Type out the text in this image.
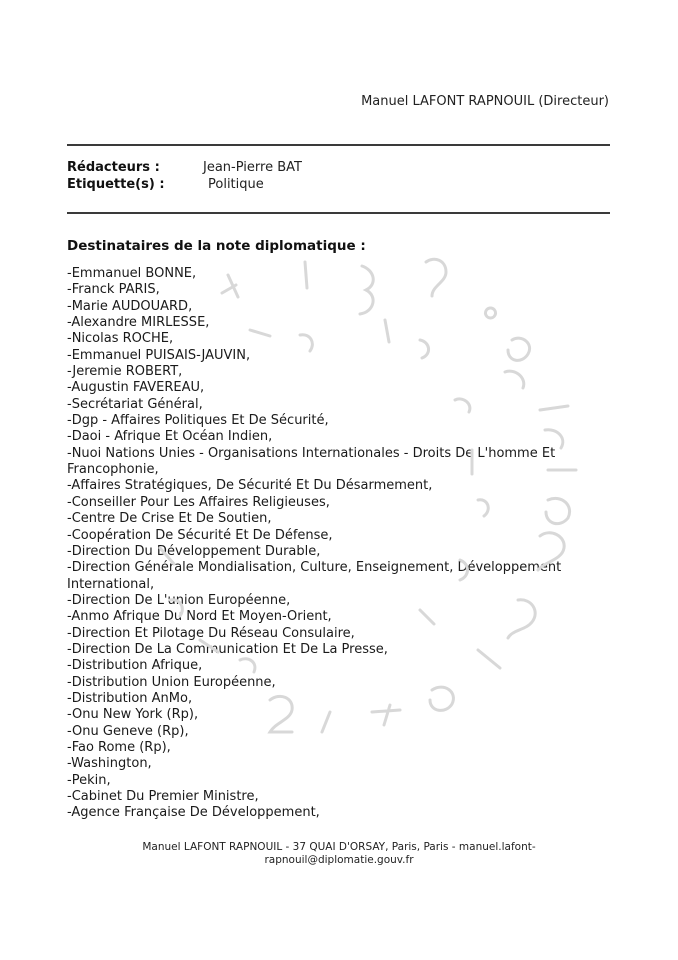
Manuel LAFONT RAPNOUIL (Directeur)
Rédacteurs :	Jean-Pierre BAT
Etiquette(s) :	Politique
Destinataires de la note diplomatique :
-Emmanuel BONNE,
-Franck PARIS,
-Marie AUDOUARD,
-Alexandre MIRLESSE,
-Nicolas ROCHE,
-Emmanuel PUISAIS-JAUVIN,
-Jeremie ROBERT,
-Augustin FAVEREAU,
-Secrétariat Général,
-Dgp - Affaires Politiques Et De Sécurité,
-Daoi - Afrique Et Océan Indien,
-Nuoi Nations Unies - Organisations Internationales - Droits De L'homme Et Francophonie,
-Affaires Stratégiques, De Sécurité Et Du Désarmement,
-Conseiller Pour Les Affaires Religieuses,
-Centre De Crise Et De Soutien,
-Coopération De Sécurité Et De Défense,
-Direction Du Développement Durable,
-Direction Générale Mondialisation, Culture, Enseignement, Développement International,
-Direction De L'union Européenne,
-Anmo Afrique Du Nord Et Moyen-Orient,
-Direction Et Pilotage Du Réseau Consulaire,
-Direction De La Communication Et De La Presse,
-Distribution Afrique,
-Distribution Union Européenne,
-Distribution AnMo,
-Onu New York (Rp),
-Onu Geneve (Rp),
-Fao Rome (Rp),
-Washington,
-Pekin,
-Cabinet Du Premier Ministre,
-Agence Française De Développement,
Manuel LAFONT RAPNOUIL - 37 QUAI D'ORSAY, Paris, Paris - manuel.lafont-
rapnouil@diplomatie.gouv.fr
